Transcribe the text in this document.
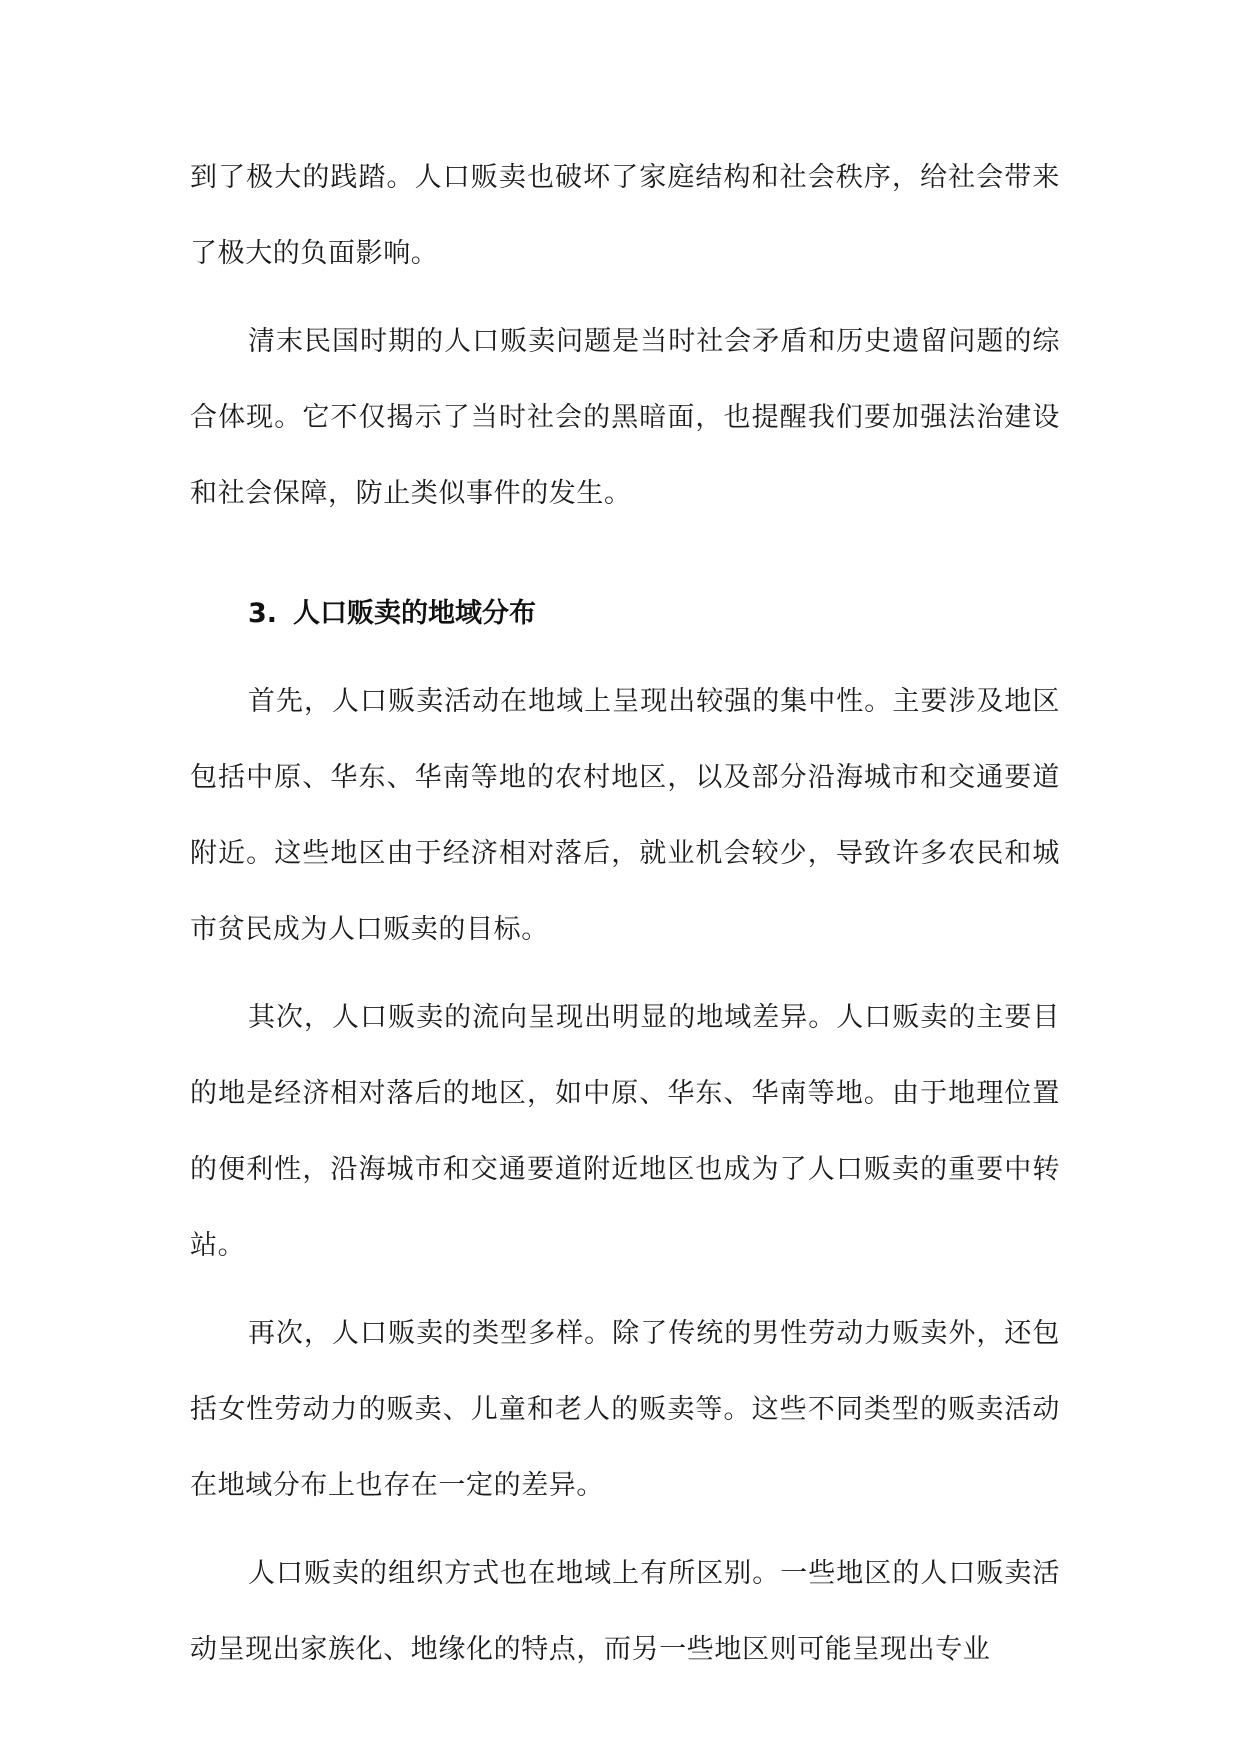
到了极大的践踏。人口贩卖也破坏了家庭结构和社会秩序，给社会带来了极大的负面影响。

清末民国时期的人口贩卖问题是当时社会矛盾和历史遗留问题的综合体现。它不仅揭示了当时社会的黑暗面，也提醒我们要加强法治建设和社会保障，防止类似事件的发生。

3. 人口贩卖的地域分布

首先，人口贩卖活动在地域上呈现出较强的集中性。主要涉及地区包括中原、华东、华南等地的农村地区，以及部分沿海城市和交通要道附近。这些地区由于经济相对落后，就业机会较少，导致许多农民和城市贫民成为人口贩卖的目标。

其次，人口贩卖的流向呈现出明显的地域差异。人口贩卖的主要目的地是经济相对落后的地区，如中原、华东、华南等地。由于地理位置的便利性，沿海城市和交通要道附近地区也成为了人口贩卖的重要中转站。

再次，人口贩卖的类型多样。除了传统的男性劳动力贩卖外，还包括女性劳动力的贩卖、儿童和老人的贩卖等。这些不同类型的贩卖活动在地域分布上也存在一定的差异。

人口贩卖的组织方式也在地域上有所区别。一些地区的人口贩卖活动呈现出家族化、地缘化的特点，而另一些地区则可能呈现出专业
